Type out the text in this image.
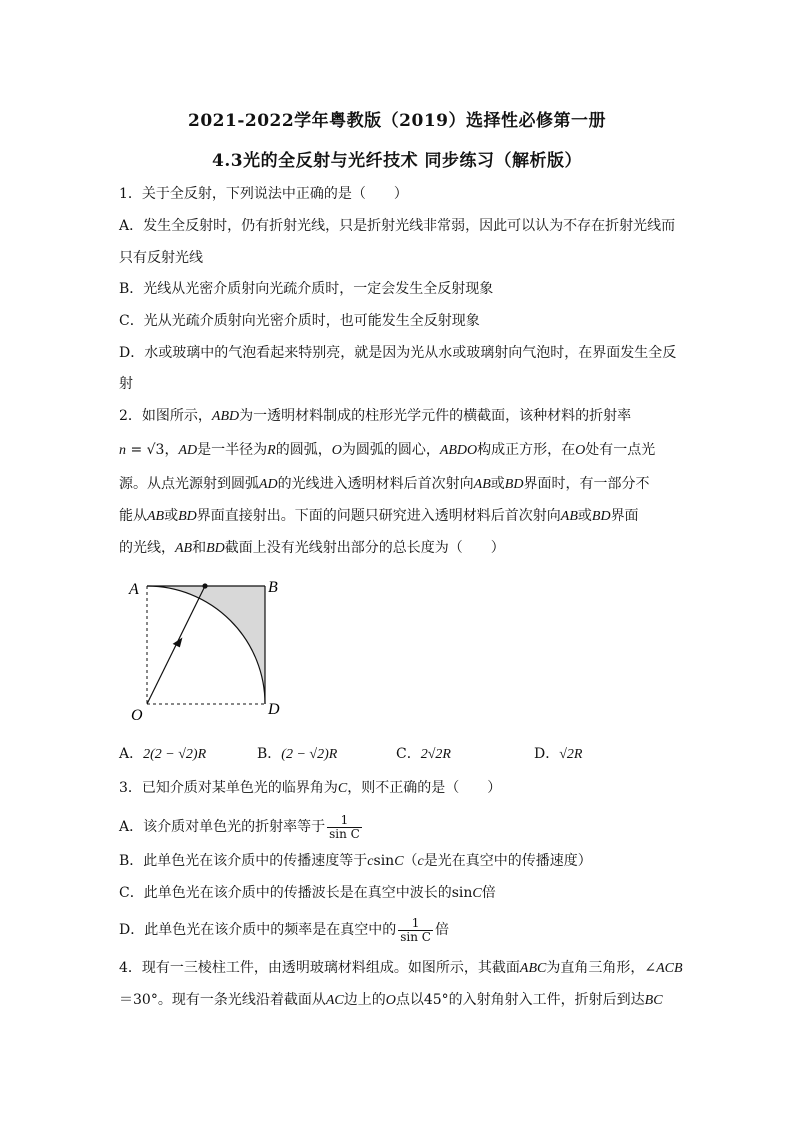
2021-2022学年粤教版（2019）选择性必修第一册
4.3光的全反射与光纤技术 同步练习（解析版）
1．关于全反射，下列说法中正确的是（　　）
A．发生全反射时，仍有折射光线，只是折射光线非常弱，因此可以认为不存在折射光线而
只有反射光线
B．光线从光密介质射向光疏介质时，一定会发生全反射现象
C．光从光疏介质射向光密介质时，也可能发生全反射现象
D．水或玻璃中的气泡看起来特别亮，就是因为光从水或玻璃射向气泡时，在界面发生全反
射
2．如图所示，ABD为一透明材料制成的柱形光学元件的横截面，该种材料的折射率
n = √3，AD是一半径为R的圆弧，O为圆弧的圆心，ABDO构成正方形，在O处有一点光
源。从点光源射到圆弧AD的光线进入透明材料后首次射向AB或BD界面时，有一部分不
能从AB或BD界面直接射出。下面的问题只研究进入透明材料后首次射向AB或BD界面
的光线，AB和BD截面上没有光线射出部分的总长度为（　　）
A	B
O	D
A．2(2 − √2)R	B．(2 − √2)R	C．2√2R	D．√2R
3．已知介质对某单色光的临界角为C，则不正确的是（　　）
A．该介质对单色光的折射率等于 $\frac{1}{\text{sin C}}$
B．此单色光在该介质中的传播速度等于csinC（c是光在真空中的传播速度）
C．此单色光在该介质中的传播波长是在真空中波长的sinC倍
D．此单色光在该介质中的频率是在真空中的 $\frac{1}{\text{sin C}}$ 倍
4．现有一三棱柱工件，由透明玻璃材料组成。如图所示，其截面ABC为直角三角形，∠ACB
＝30°。现有一条光线沿着截面从AC边上的O点以45°的入射角射入工件，折射后到达BC
